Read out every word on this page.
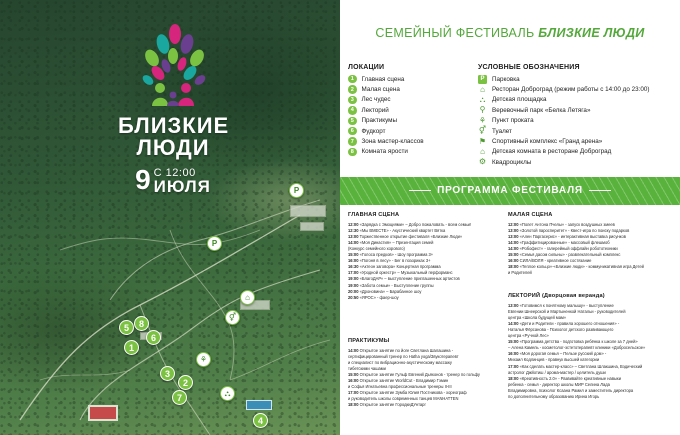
БЛИЗКИЕ
ЛЮДИ
9 С 12:00
ИЮЛЯ	P
P
⌂
⚥
⚘
⛬
5	8
6
1
3
2
7
4
СЕМЕЙНЫЙ ФЕСТИВАЛЬ БЛИЗКИЕ ЛЮДИ
ЛОКАЦИИ
1	Главная сцена
2	Малая сцена
3	Лес чудес
4	Лекторий
5	Практикумы
6	Фудкорт
7	Зона мастер-классов
8	Комната ярости
УСЛОВНЫЕ ОБОЗНАЧЕНИЯ
P	Парковка
⌂	Ресторан Доброград (режим работы с 14:00 до 23:00)
⛬ Детская площадка
⚲ Веревочный парк «Белка Летяга»
⚘ Пункт проката
⚥ Туалет
⚑ Спортивный комплекс «Гранд арена»
⌂	Детская комната в ресторане Добрoград
⚙ Квадроциклы
ПРОГРАММА ФЕСТИВАЛЯ
ГЛАВНАЯ СЦЕНА
12:00 «Зарядка с Эмоциями» – Добро пожаловать - всем семьи!
12:30 «Мы ВМЕСТЕ» - Акустический квартет Вятка
13:00 Торжественное открытие фестиваля «Близкие Люди»
14:00 «Моя Династия» – Презентация семей
(Конкурс семейного хорового)
15:00 «Голоса предков» - Шоу программа 3+
16:00 «Погоня в лесу» - Бег в позориках 3+
16:30 «Актеон заговора» Концертная программа
17:00 «Уродной оркестр» – Музыкальный перформанс
19:00 «БлагоДАР» – выступление приглашенных артистов
19:00 «Забота семьи» - Выступление группы
20:00 «Дроновина» – Барабанное шоу
20:50 «ЯРОС» - фаер-шоу
ПРАКТИКУМЫ
14:00 Открытое занятие по йоге Светлана Шалашина -
сертифицированный тренер по Hatha yoga/Звукотерапевт
и специалист по вибрационно-акустическому массажу
тибетскими чашами
15:00 Открытое занятие Гульф Евгений Дьяконов - тренер по гольфу
16:00 Открытое занятие WorldCut - Владимир Гэмин
и Софья Игнатьевна профессиональные тренеры II-III
17:00 Открытое занятие Зумба Юлия Постникова - хореограф
и руководитель школы современных танцев MANHATTEN
18:00 Открытое занятие ГородкиДУнтарг
МАЛАЯ СЦЕНА
12:00 «Полет Антона Пчелы» - запуск воздушных змеев
13:00 «Золотой паросперитет» - Квест-игра по поиску подарков
13:00 «Ален Паргасерис» - интерактивная выставка рисунков
14:00 «Граффитицированные» - массовый флешмоб
14:00 «Робофест» - галерейный оффлайн робототехники
15:00 «Семья дасом сильны» - развлекательный комплекс
16:00 СИЛА/ВОЛЯ - креативное состязание
18:00 «Теплое кольцо»-«Близкие люди» - коммуникативная игра Детей
и Родителей
ЛЕКТОРИЙ (Дворцовая веранда)
13:00 «Готовимся к понятному малышу» - выступление
Евгении Шнеерской и Мартыненкой Натальи - руководителей
центра «Школа будущей мам»
14:00 «Дети и Родители - правила хорошего отношения» -
Наталья Фёрсанова - Психолог детского развивающего
центра «Ручной Лес»
15:00 «Программа детства - подготовка ребёнка к школе за 7 дней»
– Алена Камель - косметолог-эстетотерапевт клиники «Добросельское»
16:00 «Моя дорогая семья – Пельзе русский дом» -
Михаил Кодлинцев - правнук высшей категории
17:00 «Как сделать мастер-класс» – Светлана Шлакшина, Вэдический
астролог Джйотиш / арома-мастер / целитель души
18:00 «Креативность 2.0» - Развивайте креативные навыки
ребенка - семья - директор школы МИР Селина Лада
Владимировна, психолог Ксаана Рамил и заместитель директора
по дополнительному образованию Ирина Игорь
